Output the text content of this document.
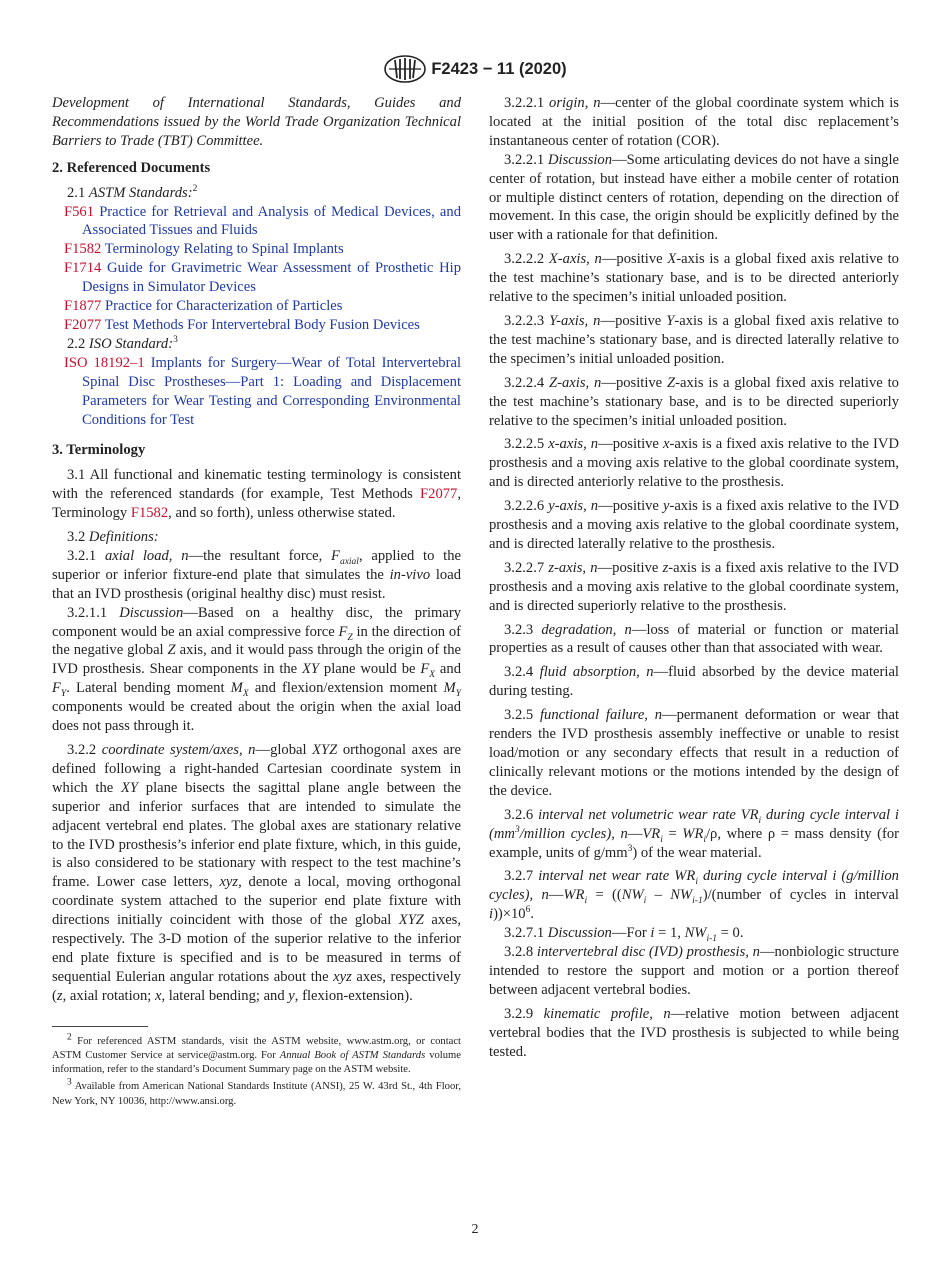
F2423 − 11 (2020)

Development of International Standards, Guides and Recommendations issued by the World Trade Organization Technical Barriers to Trade (TBT) Committee.

2. Referenced Documents

2.1 ASTM Standards:$^2$

F561 Practice for Retrieval and Analysis of Medical Devices, and Associated Tissues and Fluids

F1582 Terminology Relating to Spinal Implants

F1714 Guide for Gravimetric Wear Assessment of Prosthetic Hip Designs in Simulator Devices

F1877 Practice for Characterization of Particles

F2077 Test Methods For Intervertebral Body Fusion Devices

2.2 ISO Standard:$^3$

ISO 18192–1 Implants for Surgery—Wear of Total Intervertebral Spinal Disc Prostheses—Part 1: Loading and Displacement Parameters for Wear Testing and Corresponding Environmental Conditions for Test

3. Terminology

3.1 All functional and kinematic testing terminology is consistent with the referenced standards (for example, Test Methods F2077, Terminology F1582, and so forth), unless otherwise stated.

3.2 Definitions:

3.2.1 axial load, n—the resultant force, $F_{axial}$, applied to the superior or inferior fixture-end plate that simulates the in-vivo load that an IVD prosthesis (original healthy disc) must resist.

3.2.1.1 Discussion—Based on a healthy disc, the primary component would be an axial compressive force $F_Z$ in the direction of the negative global Z axis, and it would pass through the origin of the IVD prosthesis. Shear components in the XY plane would be $F_X$ and $F_Y$. Lateral bending moment $M_X$ and flexion/extension moment $M_Y$ components would be created about the origin when the axial load does not pass through it.

3.2.2 coordinate system/axes, n—global XYZ orthogonal axes are defined following a right-handed Cartesian coordinate system in which the XY plane bisects the sagittal plane angle between the superior and inferior surfaces that are intended to simulate the adjacent vertebral end plates. The global axes are stationary relative to the IVD prosthesis’s inferior end plate fixture, which, in this guide, is also considered to be stationary with respect to the test machine’s frame. Lower case letters, xyz, denote a local, moving orthogonal coordinate system attached to the superior end plate fixture with directions initially coincident with those of the global XYZ axes, respectively. The 3-D motion of the superior relative to the inferior end plate fixture is specified and is to be measured in terms of sequential Eulerian angular rotations about the xyz axes, respectively (z, axial rotation; x, lateral bending; and y, flexion-extension).

$^2$ For referenced ASTM standards, visit the ASTM website, www.astm.org, or contact ASTM Customer Service at service@astm.org. For Annual Book of ASTM Standards volume information, refer to the standard’s Document Summary page on the ASTM website.

$^3$ Available from American National Standards Institute (ANSI), 25 W. 43rd St., 4th Floor, New York, NY 10036, http://www.ansi.org.

3.2.2.1 origin, n—center of the global coordinate system which is located at the initial position of the total disc replacement’s instantaneous center of rotation (COR).

3.2.2.1 Discussion—Some articulating devices do not have a single center of rotation, but instead have either a mobile center of rotation or multiple distinct centers of rotation, depending on the direction of movement. In this case, the origin should be explicitly defined by the user with a rationale for that definition.

3.2.2.2 X-axis, n—positive X-axis is a global fixed axis relative to the test machine’s stationary base, and is to be directed anteriorly relative to the specimen’s initial unloaded position.

3.2.2.3 Y-axis, n—positive Y-axis is a global fixed axis relative to the test machine’s stationary base, and is directed laterally relative to the specimen’s initial unloaded position.

3.2.2.4 Z-axis, n—positive Z-axis is a global fixed axis relative to the test machine’s stationary base, and is to be directed superiorly relative to the specimen’s initial unloaded position.

3.2.2.5 x-axis, n—positive x-axis is a fixed axis relative to the IVD prosthesis and a moving axis relative to the global coordinate system, and is directed anteriorly relative to the prosthesis.

3.2.2.6 y-axis, n—positive y-axis is a fixed axis relative to the IVD prosthesis and a moving axis relative to the global coordinate system, and is directed laterally relative to the prosthesis.

3.2.2.7 z-axis, n—positive z-axis is a fixed axis relative to the IVD prosthesis and a moving axis relative to the global coordinate system, and is directed superiorly relative to the prosthesis.

3.2.3 degradation, n—loss of material or function or material properties as a result of causes other than that associated with wear.

3.2.4 fluid absorption, n—fluid absorbed by the device material during testing.

3.2.5 functional failure, n—permanent deformation or wear that renders the IVD prosthesis assembly ineffective or unable to resist load/motion or any secondary effects that result in a reduction of clinically relevant motions or the motions intended by the design of the device.

3.2.6 interval net volumetric wear rate $VR_i$ during cycle interval i ($mm^3$/million cycles), $n—VR_i = WR_i/\rho$, where ρ = mass density (for example, units of $g/mm^3$) of the wear material.

3.2.7 interval net wear rate $WR_i$ during cycle interval i (g/million cycles), $n—WR_i = ((NW_i$ – $NW_{i-1})/(number$ of cycles in interval $i))\times 10^6$.

3.2.7.1 Discussion—For i = 1, $NW_{i-1} = 0$.

3.2.8 intervertebral disc (IVD) prosthesis, n—nonbiologic structure intended to restore the support and motion or a portion thereof between adjacent vertebral bodies.

3.2.9 kinematic profile, n—relative motion between adjacent vertebral bodies that the IVD prosthesis is subjected to while being tested.

2
